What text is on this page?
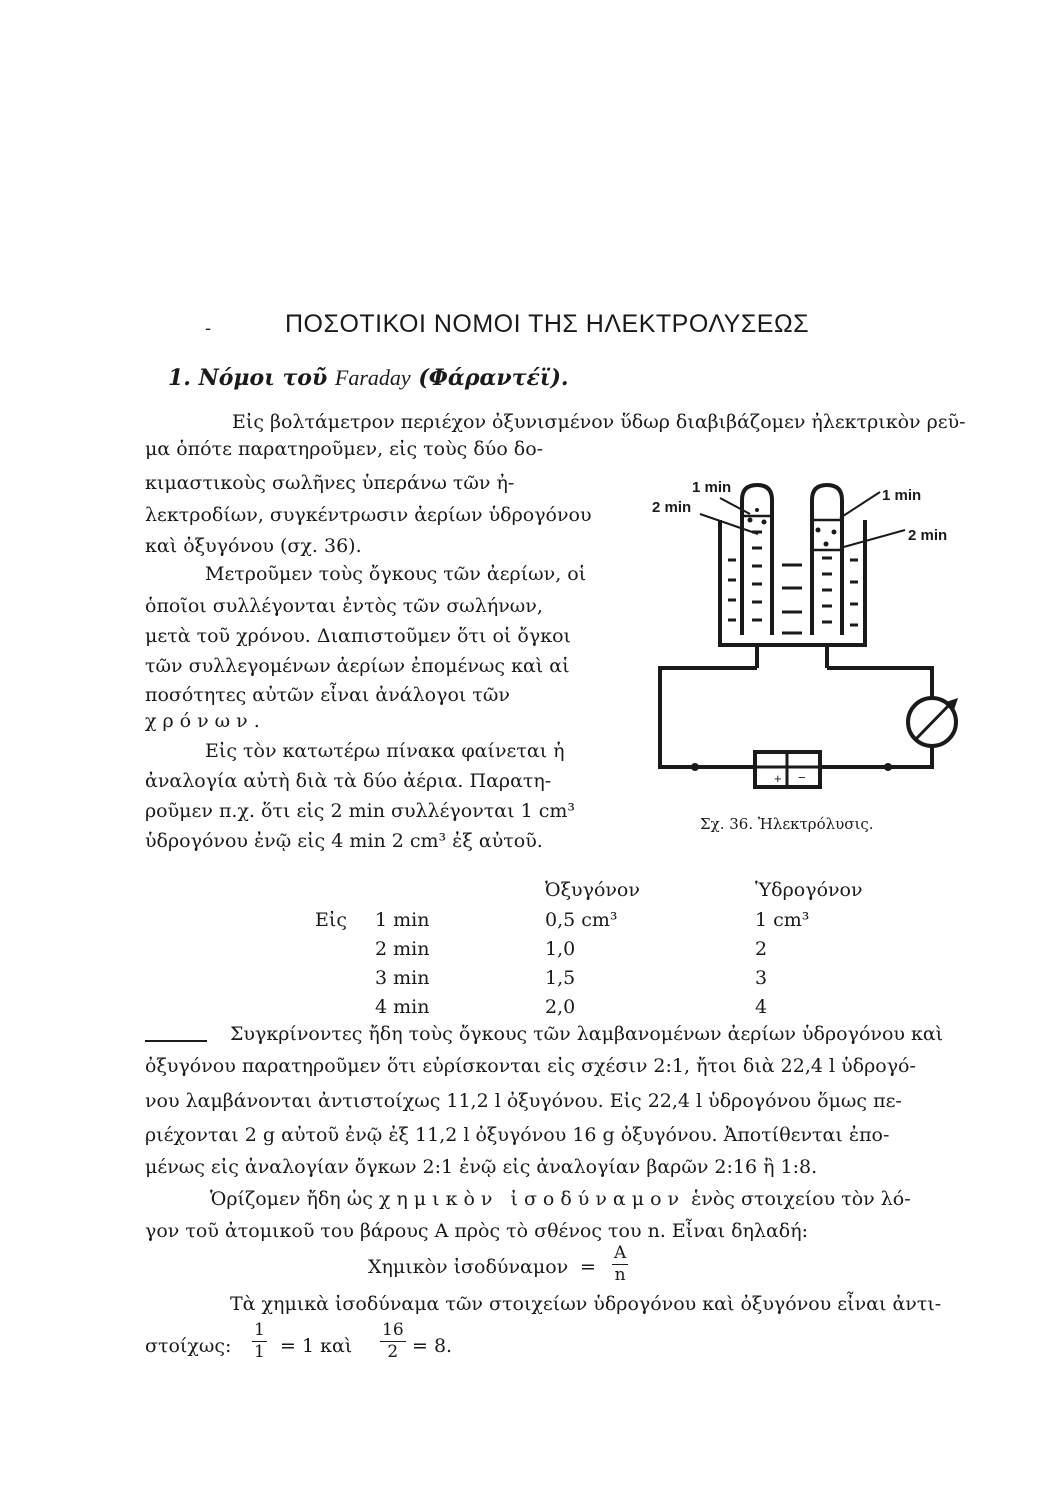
-	ΠΟΣΟΤΙΚΟΙ ΝΟΜΟΙ ΤΗΣ ΗΛΕΚΤΡΟΛΥΣΕΩΣ
1. Νόμοι τοῦ Faraday (Φάραντέϊ).
Εἰς βολτάμετρον περιέχον ὀξυνισμένον ὕδωρ διαβιβάζομεν ἠλεκτρικὸν ρεῦ-
μα ὁπότε παρατηροῦμεν, εἰς τοὺς δύο δο-
κιμαστικοὺς σωλῆνες ὑπεράνω τῶν ἠ-
λεκτροδίων, συγκέντρωσιν ἀερίων ὑδρογόνου
καὶ ὀξυγόνου (σχ. 36).
Μετροῦμεν τοὺς ὄγκους τῶν ἀερίων, οἱ
ὁποῖοι συλλέγονται ἐντὸς τῶν σωλήνων,
μετὰ τοῦ χρόνου. Διαπιστοῦμεν ὅτι οἱ ὄγκοι
τῶν συλλεγομένων ἀερίων ἐπομένως καὶ αἱ
ποσότητες αὐτῶν εἶναι ἀνάλογοι τῶν
χρόνων.
Εἰς τὸν κατωτέρω πίνακα φαίνεται ἡ
ἀναλογία αὐτὴ διὰ τὰ δύο ἀέρια. Παρατη-
ροῦμεν π.χ. ὅτι εἰς 2 min συλλέγονται 1 cm³
ὑδρογόνου ἐνῷ εἰς 4 min 2 cm³ ἐξ αὐτοῦ.
+ −
1 min
2 min
1 min
2 min
Σχ. 36. Ἠλεκτρόλυσις.
		Ὀξυγόνον	Ὑδρογόνον
Εἰς	1 min	0,5 cm³	1 cm³
	2 min	1,0	2
	3 min	1,5	3
	4 min	2,0	4
Συγκρίνοντες ἤδη τοὺς ὄγκους τῶν λαμβανομένων ἀερίων ὑδρογόνου καὶ
ὀξυγόνου παρατηροῦμεν ὅτι εὑρίσκονται εἰς σχέσιν 2:1, ἤτοι διὰ 22,4 l ὑδρογό-
νου λαμβάνονται ἀντιστοίχως 11,2 l ὀξυγόνου. Εἰς 22,4 l ὑδρογόνου ὅμως πε-
ριέχονται 2 g αὐτοῦ ἐνῷ ἐξ 11,2 l ὀξυγόνου 16 g ὀξυγόνου. Ἀποτίθενται ἐπο-
μένως εἰς ἀναλογίαν ὄγκων 2:1 ἐνῷ εἰς ἀναλογίαν βαρῶν 2:16 ἢ 1:8.
Ὁρίζομεν ἤδη ὡς χημικὸν ἰσοδύναμον ἑνὸς στοιχείου τὸν λό-
γον τοῦ ἀτομικοῦ του βάρους A πρὸς τὸ σθένος του n. Εἶναι δηλαδή:
Χημικὸν ἰσοδύναμον = $\frac{A}{n}$
Τὰ χημικὰ ἰσοδύναμα τῶν στοιχείων ὑδρογόνου καὶ ὀξυγόνου εἶναι ἀντι-
στοίχως: $\frac{1}{1} = 1$ καὶ $\frac{16}{2} = 8$.
